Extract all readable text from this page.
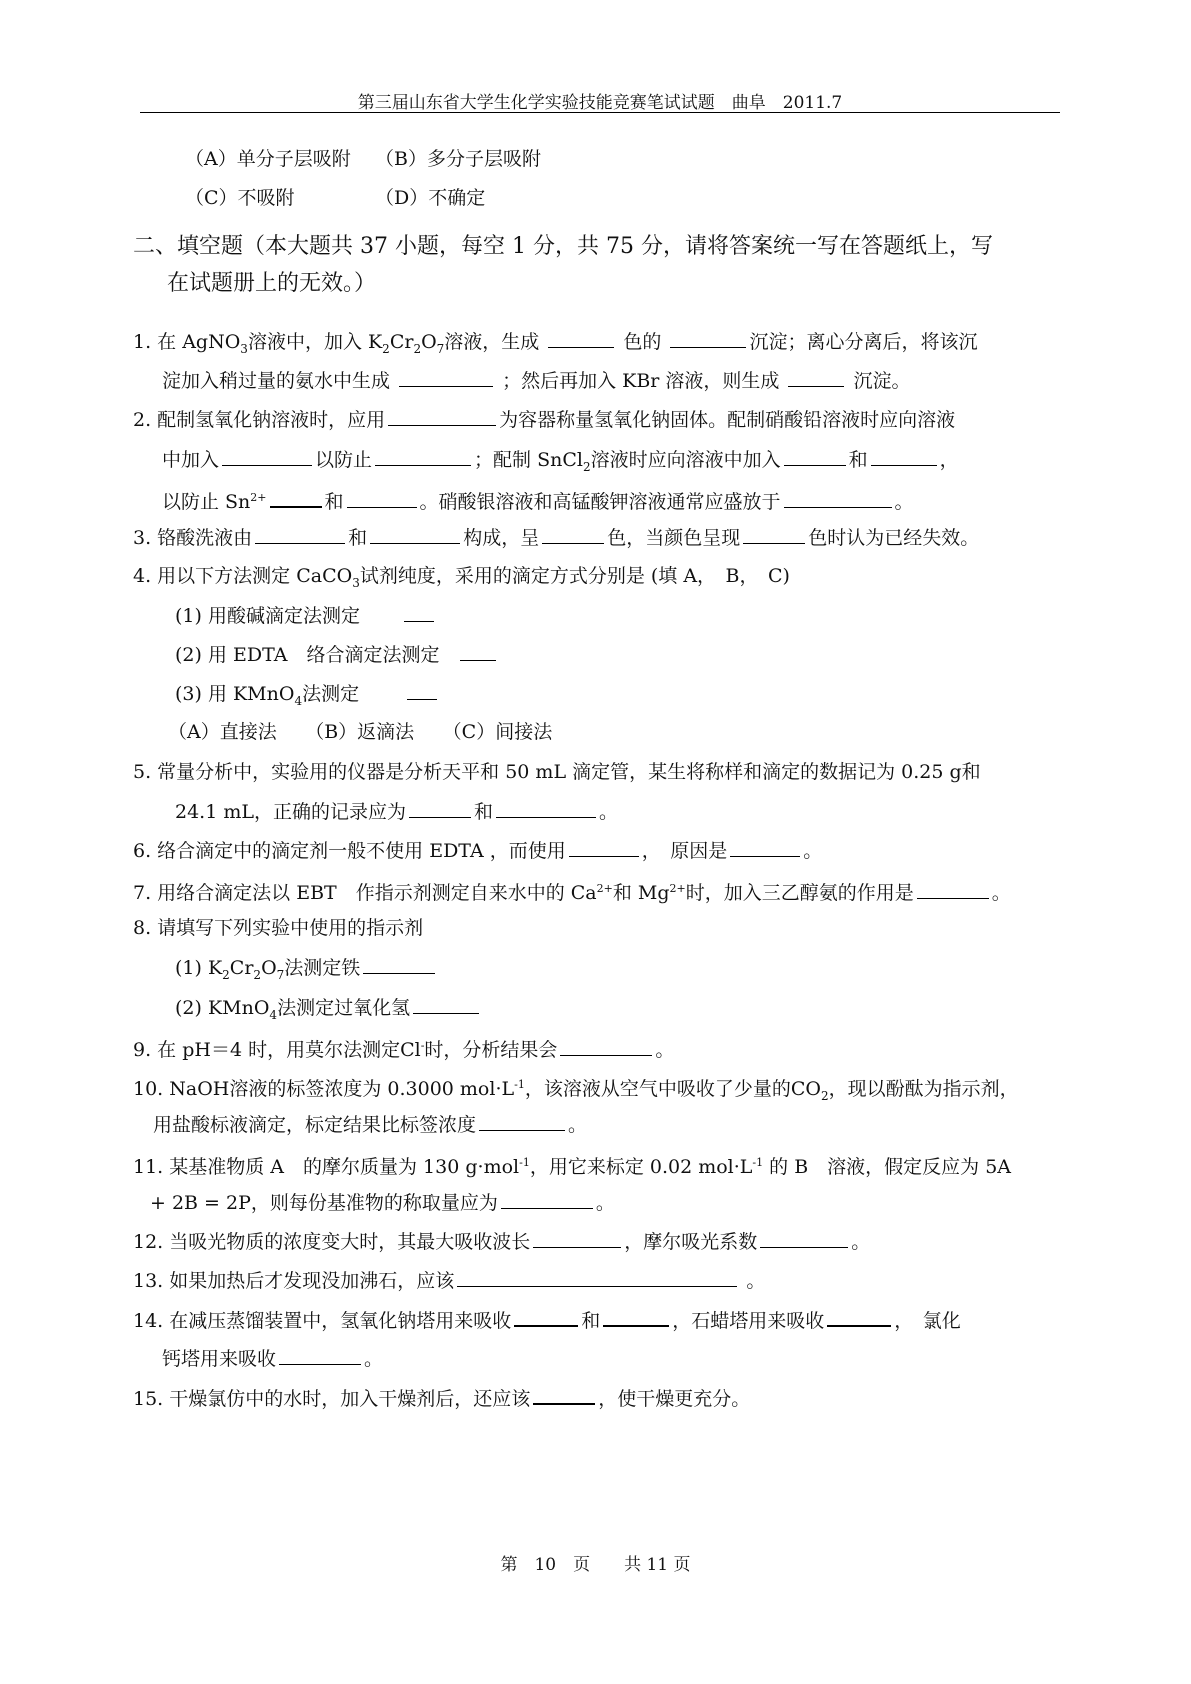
第三届山东省大学生化学实验技能竞赛笔试试题　曲阜　2011.7
（A）单分子层吸附 （B）多分子层吸附
（C）不吸附	（D）不确定
二、填空题（本大题共 37 小题，每空 1 分，共 75 分，请将答案统一写在答题纸上，写
在试题册上的无效。）
1. 在 AgNO$_3$溶液中，加入 $K_2Cr_2O_7$溶液，生成	色的	沉淀；离心分离后，将该沉
淀加入稍过量的氨水中生成	；然后再加入 KBr 溶液，则生成	沉淀。
2. 配制氢氧化钠溶液时，应用	为容器称量氢氧化钠固体。配制硝酸铅溶液时应向溶液
中加入	以防止	；配制 SnCl$_2$溶液时应向溶液中加入	和	，
以防止 $Sn^{2+}$	和	。硝酸银溶液和高锰酸钾溶液通常应盛放于	。
3. 铬酸洗液由	和	构成，呈	色，当颜色呈现	色时认为已经失效。
4. 用以下方法测定 CaCO$_3$试剂纯度，采用的滴定方式分别是 (填 A，　B，　C)
(1) 用酸碱滴定法测定
(2) 用 EDTA　络合滴定法测定
(3) 用 KMnO$_4$法测定
（A）直接法　　（B）返滴法　　（C）间接法
5. 常量分析中，实验用的仪器是分析天平和 50 mL 滴定管，某生将称样和滴定的数据记为 0.25 g和
24.1 mL，正确的记录应为	和	。
6. 络合滴定中的滴定剂一般不使用 EDTA ，而使用	，　原因是	。
7. 用络合滴定法以 EBT　作指示剂测定自来水中的 $Ca^{2+}$和 $Mg^{2+}$时，加入三乙醇氨的作用是	。
8. 请填写下列实验中使用的指示剂
(1) $K_2Cr_2O_7$法测定铁
(2) KMnO$_4$法测定过氧化氢
9. 在 pH＝4 时，用莫尔法测定Cl-时，分析结果会	。
10. NaOH溶液的标签浓度为 0.3000 $mol\cdot L^{-1}$，该溶液从空气中吸收了少量的$CO_2$，现以酚酞为指示剂，
用盐酸标液滴定，标定结果比标签浓度	。
11. 某基准物质 A　的摩尔质量为 130 g·mol$^{-1}$，用它来标定 0.02 $mol\cdot L^{-1}$ 的 B　溶液，假定反应为 5A
+ 2B = 2P，则每份基准物的称取量应为	。
12. 当吸光物质的浓度变大时，其最大吸收波长	，摩尔吸光系数	。
13. 如果加热后才发现没加沸石，应该	。
14. 在减压蒸馏装置中，氢氧化钠塔用来吸收	和	，石蜡塔用来吸收	，　氯化
钙塔用来吸收	。
15. 干燥氯仿中的水时，加入干燥剂后，还应该	，使干燥更充分。
第　10　页　　共 11 页
